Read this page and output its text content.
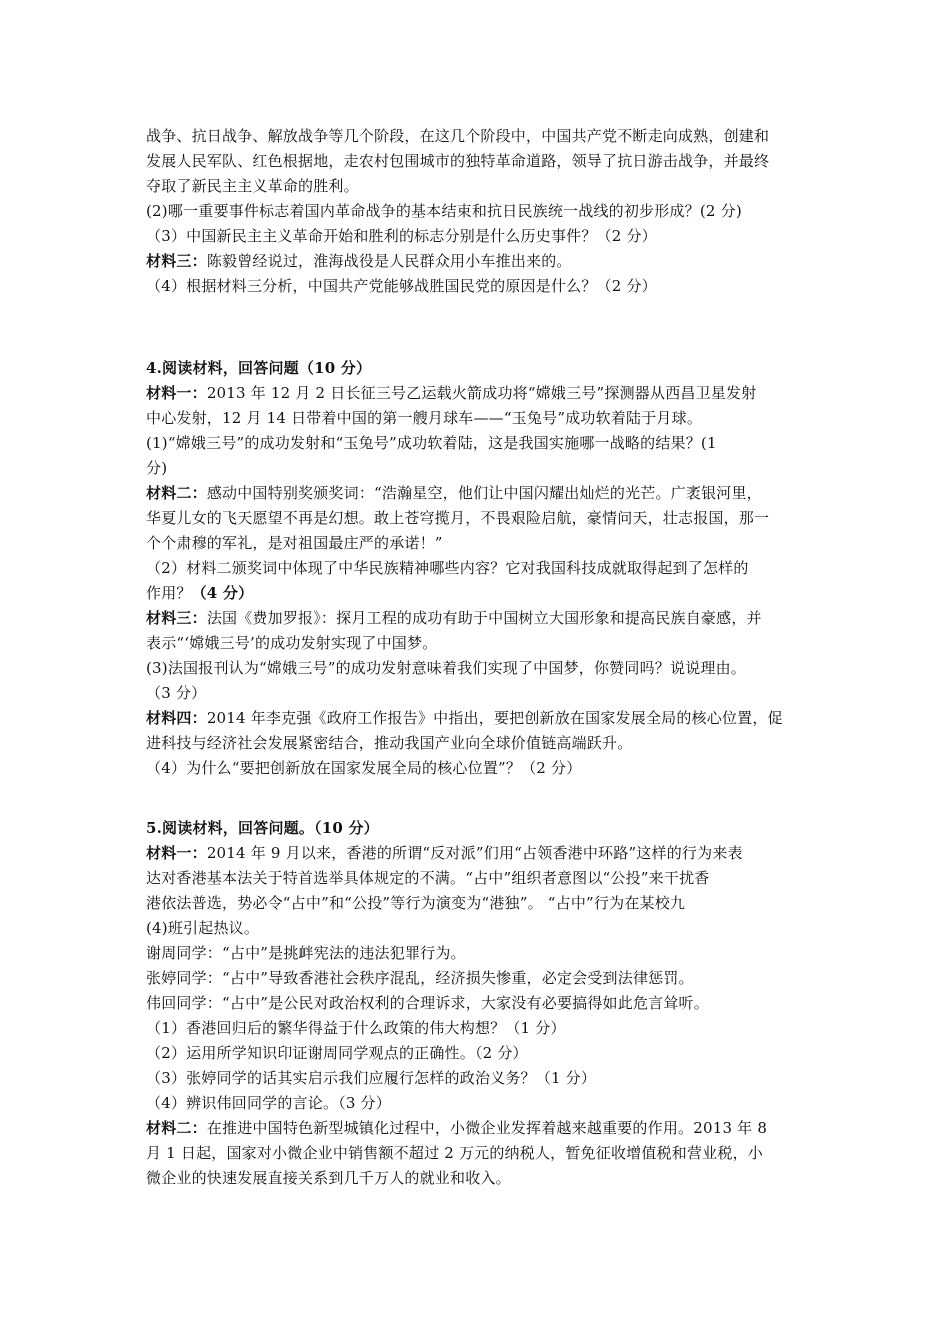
战争、抗日战争、解放战争等几个阶段，在这几个阶段中，中国共产党不断走向成熟，创建和
发展人民军队、红色根据地，走农村包围城市的独特革命道路，领导了抗日游击战争，并最终
夺取了新民主主义革命的胜利。
(2)哪一重要事件标志着国内革命战争的基本结束和抗日民族统一战线的初步形成？(2 分)
（3）中国新民主主义革命开始和胜利的标志分别是什么历史事件？（2 分）
材料三：陈毅曾经说过，淮海战役是人民群众用小车推出来的。
（4）根据材料三分析，中国共产党能够战胜国民党的原因是什么？（2 分）
4.阅读材料，回答问题（10 分）
材料一：2013 年 12 月 2 日长征三号乙运载火箭成功将“嫦娥三号”探测器从西昌卫星发射
中心发射，12 月 14 日带着中国的第一艘月球车——“玉兔号”成功软着陆于月球。
(1)“嫦娥三号”的成功发射和“玉兔号”成功软着陆，这是我国实施哪一战略的结果？(1
分)
材料二：感动中国特别奖颁奖词：“浩瀚星空，他们让中国闪耀出灿烂的光芒。广袤银河里，
华夏儿女的飞天愿望不再是幻想。敢上苍穹揽月，不畏艰险启航，豪情问天，壮志报国，那一
个个肃穆的军礼，是对祖国最庄严的承诺！”
（2）材料二颁奖词中体现了中华民族精神哪些内容？它对我国科技成就取得起到了怎样的
作用？（4 分）
材料三：法国《费加罗报》：探月工程的成功有助于中国树立大国形象和提高民族自豪感，并
表示“‘嫦娥三号’的成功发射实现了中国梦。
(3)法国报刊认为“嫦娥三号”的成功发射意味着我们实现了中国梦，你赞同吗？说说理由。
（3 分）
材料四：2014 年李克强《政府工作报告》中指出，要把创新放在国家发展全局的核心位置，促
进科技与经济社会发展紧密结合，推动我国产业向全球价值链高端跃升。
（4）为什么“要把创新放在国家发展全局的核心位置”？（2 分）
5.阅读材料，回答问题。（10 分）
材料一：2014 年 9 月以来，香港的所谓“反对派”们用“占领香港中环路”这样的行为来表
达对香港基本法关于特首选举具体规定的不满。“占中”组织者意图以“公投”来干扰香
港依法普选，势必令“占中”和“公投”等行为演变为“港独”。 “占中”行为在某校九
(4)班引起热议。
谢周同学：“占中”是挑衅宪法的违法犯罪行为。
张婷同学：“占中”导致香港社会秩序混乱，经济损失惨重，必定会受到法律惩罚。
伟回同学：“占中”是公民对政治权利的合理诉求，大家没有必要搞得如此危言耸听。
（1）香港回归后的繁华得益于什么政策的伟大构想？（1 分）
（2）运用所学知识印证谢周同学观点的正确性。（2 分）
（3）张婷同学的话其实启示我们应履行怎样的政治义务？（1 分）
（4）辨识伟回同学的言论。（3 分）
材料二：在推进中国特色新型城镇化过程中，小微企业发挥着越来越重要的作用。2013 年 8
月 1 日起，国家对小微企业中销售额不超过 2 万元的纳税人，暂免征收增值税和营业税，小
微企业的快速发展直接关系到几千万人的就业和收入。
